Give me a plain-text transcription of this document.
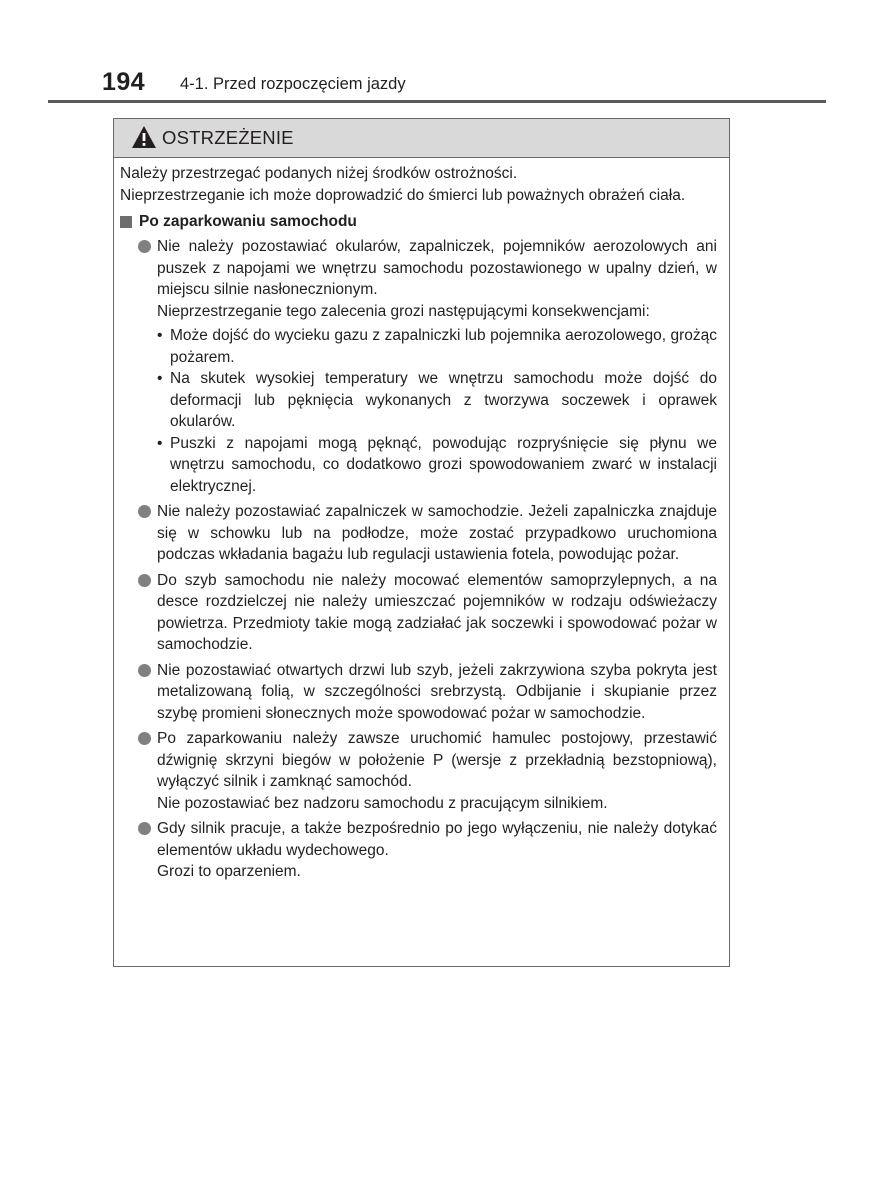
194 4-1. Przed rozpoczęciem jazdy
OSTRZEŻENIE
Należy przestrzegać podanych niżej środków ostrożności.
Nieprzestrzeganie ich może doprowadzić do śmierci lub poważnych obrażeń ciała.
Po zaparkowaniu samochodu
Nie należy pozostawiać okularów, zapalniczek, pojemników aerozolowych ani puszek z napojami we wnętrzu samochodu pozostawionego w upalny dzień, w miejscu silnie nasłonecznionym.
Nieprzestrzeganie tego zalecenia grozi następującymi konsekwencjami:
• Może dojść do wycieku gazu z zapalniczki lub pojemnika aerozolowego, grożąc pożarem.
• Na skutek wysokiej temperatury we wnętrzu samochodu może dojść do deformacji lub pęknięcia wykonanych z tworzywa soczewek i oprawek okularów.
• Puszki z napojami mogą pęknąć, powodując rozpryśnięcie się płynu we wnętrzu samochodu, co dodatkowo grozi spowodowaniem zwarć w instalacji elektrycznej.
Nie należy pozostawiać zapalniczek w samochodzie. Jeżeli zapalniczka znajduje się w schowku lub na podłodze, może zostać przypadkowo uruchomiona podczas wkładania bagażu lub regulacji ustawienia fotela, powodując pożar.
Do szyb samochodu nie należy mocować elementów samoprzylepnych, a na desce rozdzielczej nie należy umieszczać pojemników w rodzaju odświeżaczy powietrza. Przedmioty takie mogą zadziałać jak soczewki i spowodować pożar w samochodzie.
Nie pozostawiać otwartych drzwi lub szyb, jeżeli zakrzywiona szyba pokryta jest metalizowaną folią, w szczególności srebrzystą. Odbijanie i skupianie przez szybę promieni słonecznych może spowodować pożar w samochodzie.
Po zaparkowaniu należy zawsze uruchomić hamulec postojowy, przestawić dźwignię skrzyni biegów w położenie P (wersje z przekładnią bezstopniową), wyłączyć silnik i zamknąć samochód.
Nie pozostawiać bez nadzoru samochodu z pracującym silnikiem.
Gdy silnik pracuje, a także bezpośrednio po jego wyłączeniu, nie należy dotykać elementów układu wydechowego.
Grozi to oparzeniem.
